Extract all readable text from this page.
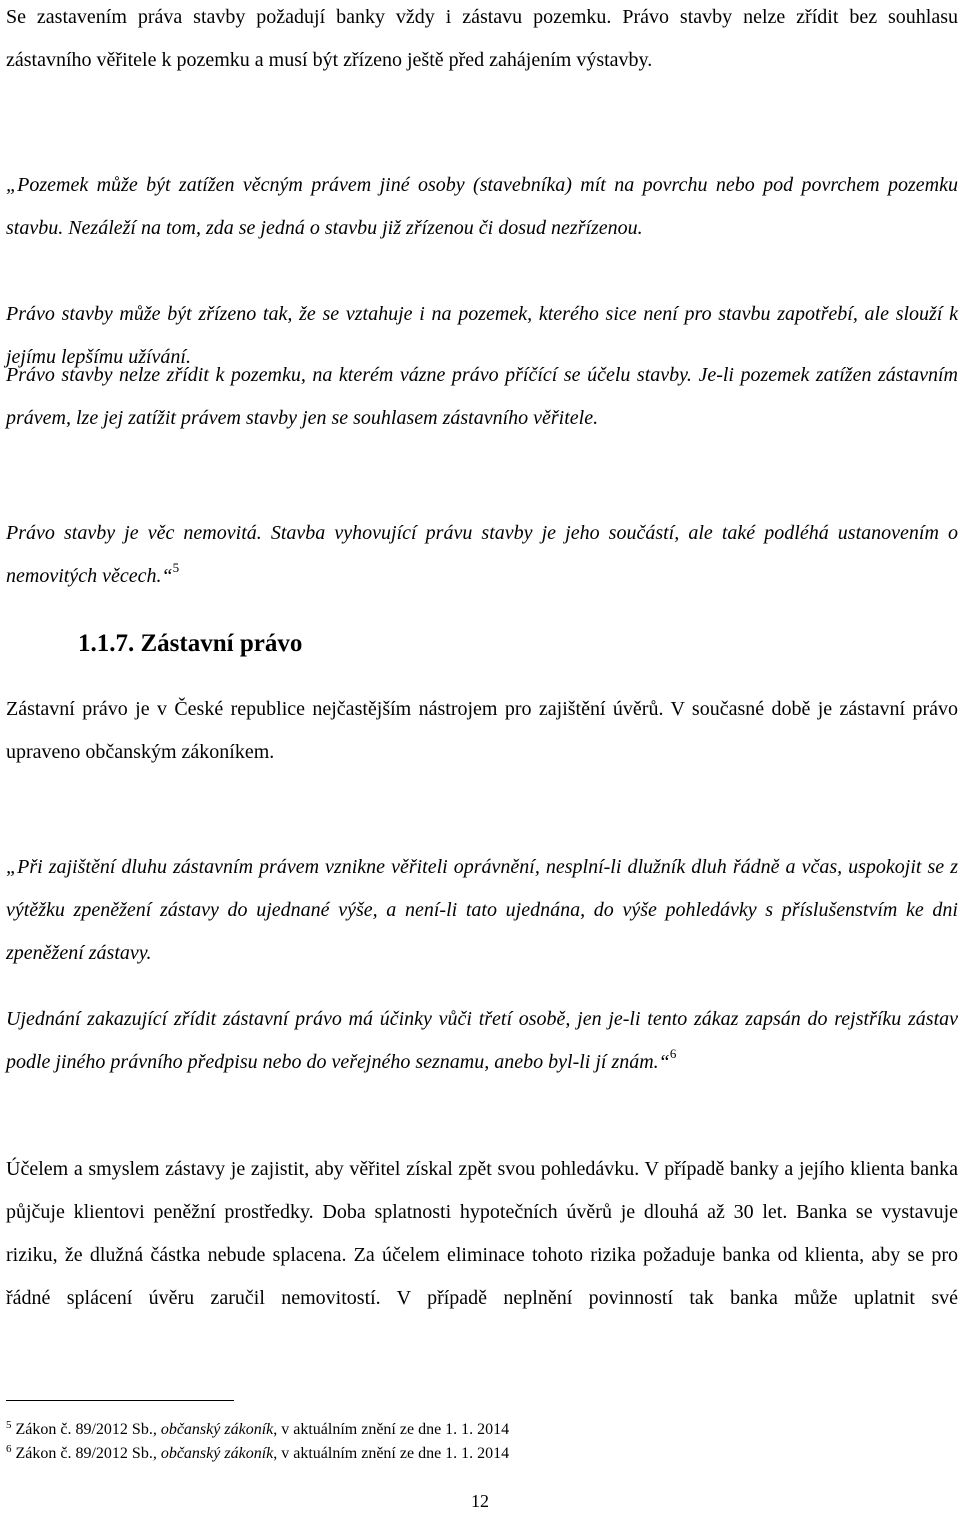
Se zastavením práva stavby požadují banky vždy i zástavu pozemku. Právo stavby nelze zřídit bez souhlasu zástavního věřitele k pozemku a musí být zřízeno ještě před zahájením výstavby.

„Pozemek může být zatížen věcným právem jiné osoby (stavebníka) mít na povrchu nebo pod povrchem pozemku stavbu. Nezáleží na tom, zda se jedná o stavbu již zřízenou či dosud nezřízenou.

Právo stavby může být zřízeno tak, že se vztahuje i na pozemek, kterého sice není pro stavbu zapotřebí, ale slouží k jejímu lepšímu užívání.

Právo stavby nelze zřídit k pozemku, na kterém vázne právo příčící se účelu stavby. Je-li pozemek zatížen zástavním právem, lze jej zatížit právem stavby jen se souhlasem zástavního věřitele.

Právo stavby je věc nemovitá. Stavba vyhovující právu stavby je jeho součástí, ale také podléhá ustanovením o nemovitých věcech.“$^5$

1.1.7. Zástavní právo

Zástavní právo je v České republice nejčastějším nástrojem pro zajištění úvěrů. V současné době je zástavní právo upraveno občanským zákoníkem.

„Při zajištění dluhu zástavním právem vznikne věřiteli oprávnění, nesplní-li dlužník dluh řádně a včas, uspokojit se z výtěžku zpeněžení zástavy do ujednané výše, a není-li tato ujednána, do výše pohledávky s příslušenstvím ke dni zpeněžení zástavy.

Ujednání zakazující zřídit zástavní právo má účinky vůči třetí osobě, jen je-li tento zákaz zapsán do rejstříku zástav podle jiného právního předpisu nebo do veřejného seznamu, anebo byl-li jí znám.“$^6$

Účelem a smyslem zástavy je zajistit, aby věřitel získal zpět svou pohledávku. V případě banky a jejího klienta banka půjčuje klientovi peněžní prostředky. Doba splatnosti hypotečních úvěrů je dlouhá až 30 let. Banka se vystavuje riziku, že dlužná částka nebude splacena. Za účelem eliminace tohoto rizika požaduje banka od klienta, aby se pro řádné splácení úvěru zaručil nemovitostí. V případě neplnění povinností tak banka může uplatnit své

$^5$ Zákon č. 89/2012 Sb., občanský zákoník, v aktuálním znění ze dne 1. 1. 2014

$^6$ Zákon č. 89/2012 Sb., občanský zákoník, v aktuálním znění ze dne 1. 1. 2014

12
